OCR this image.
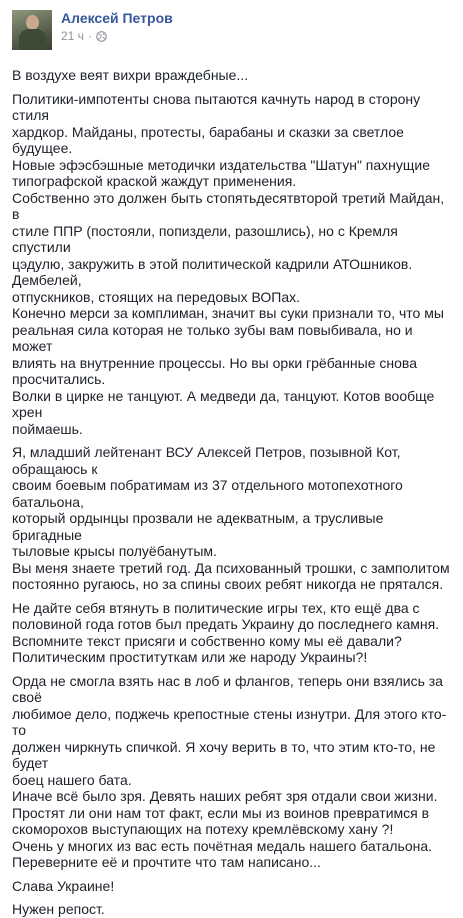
Алексей Петров
21 ч ·

В воздухе веят вихри враждебные...

Политики-импотенты снова пытаются качнуть народ в сторону стиля
хардкор. Майданы, протесты, барабаны и сказки за светлое будущее.
Новые эфэсбэшные методички издательства "Шатун" пахнущие
типографской краской жаждут применения.
Собственно это должен быть стопятьдесятвторой третий Майдан, в
стиле ППР (постояли, попиздели, разошлись), но с Кремля спустили
цэдулю, закружить в этой политической кадрили АТОшников. Дембелей,
отпускников, стоящих на передовых ВОПах.
Конечно мерси за комплиман, значит вы суки признали то, что мы
реальная сила которая не только зубы вам повыбивала, но и может
влиять на внутренние процессы. Но вы орки грёбанные снова
просчитались.
Волки в цирке не танцуют. А медведи да, танцуют. Котов вообще хрен
поймаешь.

Я, младший лейтенант ВСУ Алексей Петров, позывной Кот, обращаюсь к
своим боевым побратимам из 37 отдельного мотопехотного батальона,
который ордынцы прозвали не адекватным, а трусливые бригадные
тыловые крысы полуёбанутым.
Вы меня знаете третий год. Да психованный трошки, с замполитом
постоянно ругаюсь, но за спины своих ребят никогда не прятался.

Не дайте себя втянуть в политические игры тех, кто ещё два с
половиной года готов был предать Украину до последнего камня.
Вспомните текст присяги и собственно кому мы её давали?
Политическим проституткам или же народу Украины?!

Орда не смогла взять нас в лоб и флангов, теперь они взялись за своё
любимое дело, поджечь крепостные стены изнутри. Для этого кто-то
должен чиркнуть спичкой. Я хочу верить в то, что этим кто-то, не будет
боец нашего бата.
Иначе всё было зря. Девять наших ребят зря отдали свои жизни.
Простят ли они нам тот факт, если мы из воинов превратимся в
скоморохов выступающих на потеху кремлёвскому хану ?!
Очень у многих из вас есть почётная медаль нашего батальона.
Переверните её и прочтите что там написано...

Слава Украине!

Нужен репост.
